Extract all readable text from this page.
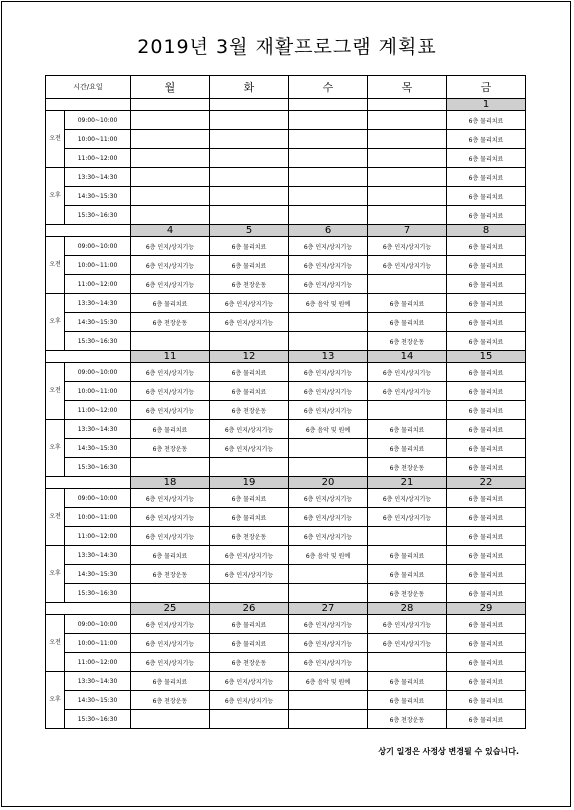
2019년 3월 재활프로그램 계획표
시간/요일		월	화	수	목	금
						1
오전	09:00~10:00					6층 물리치료
	10:00~11:00					6층 물리치료
	11:00~12:00					6층 물리치료
오후	13:30~14:30					6층 물리치료
	14:30~15:30					6층 물리치료
	15:30~16:30					6층 물리치료
		4	5	6	7	8
오전	09:00~10:00	6층 인지/상지기능	6층 물리치료	6층 인지/상지기능	6층 인지/상지기능	6층 물리치료
	10:00~11:00	6층 인지/상지기능	6층 물리치료	6층 인지/상지기능	6층 인지/상지기능	6층 물리치료
	11:00~12:00	6층 인지/상지기능	6층 천장운동	6층 인지/상지기능		6층 물리치료
오후	13:30~14:30	6층 물리치료	6층 인지/상지기능	6층 음악 및 원예	6층 물리치료	6층 물리치료
	14:30~15:30	6층 천장운동	6층 인지/상지기능		6층 물리치료	6층 물리치료
	15:30~16:30				6층 천장운동	6층 물리치료
		11	12	13	14	15
오전	09:00~10:00	6층 인지/상지기능	6층 물리치료	6층 인지/상지기능	6층 인지/상지기능	6층 물리치료
	10:00~11:00	6층 인지/상지기능	6층 물리치료	6층 인지/상지기능	6층 인지/상지기능	6층 물리치료
	11:00~12:00	6층 인지/상지기능	6층 천장운동	6층 인지/상지기능		6층 물리치료
오후	13:30~14:30	6층 물리치료	6층 인지/상지기능	6층 음악 및 원예	6층 물리치료	6층 물리치료
	14:30~15:30	6층 천장운동	6층 인지/상지기능		6층 물리치료	6층 물리치료
	15:30~16:30				6층 천장운동	6층 물리치료
		18	19	20	21	22
오전	09:00~10:00	6층 인지/상지기능	6층 물리치료	6층 인지/상지기능	6층 인지/상지기능	6층 물리치료
	10:00~11:00	6층 인지/상지기능	6층 물리치료	6층 인지/상지기능	6층 인지/상지기능	6층 물리치료
	11:00~12:00	6층 인지/상지기능	6층 천장운동	6층 인지/상지기능		6층 물리치료
오후	13:30~14:30	6층 물리치료	6층 인지/상지기능	6층 음악 및 원예	6층 물리치료	6층 물리치료
	14:30~15:30	6층 천장운동	6층 인지/상지기능		6층 물리치료	6층 물리치료
	15:30~16:30				6층 천장운동	6층 물리치료
		25	26	27	28	29
오전	09:00~10:00	6층 인지/상지기능	6층 물리치료	6층 인지/상지기능	6층 인지/상지기능	6층 물리치료
	10:00~11:00	6층 인지/상지기능	6층 물리치료	6층 인지/상지기능	6층 인지/상지기능	6층 물리치료
	11:00~12:00	6층 인지/상지기능	6층 천장운동	6층 인지/상지기능		6층 물리치료
오후	13:30~14:30	6층 물리치료	6층 인지/상지기능	6층 음악 및 원예	6층 물리치료	6층 물리치료
	14:30~15:30	6층 천장운동	6층 인지/상지기능		6층 물리치료	6층 물리치료
	15:30~16:30				6층 천장운동	6층 물리치료
상기 일정은 사정상 변경될 수 있습니다.
